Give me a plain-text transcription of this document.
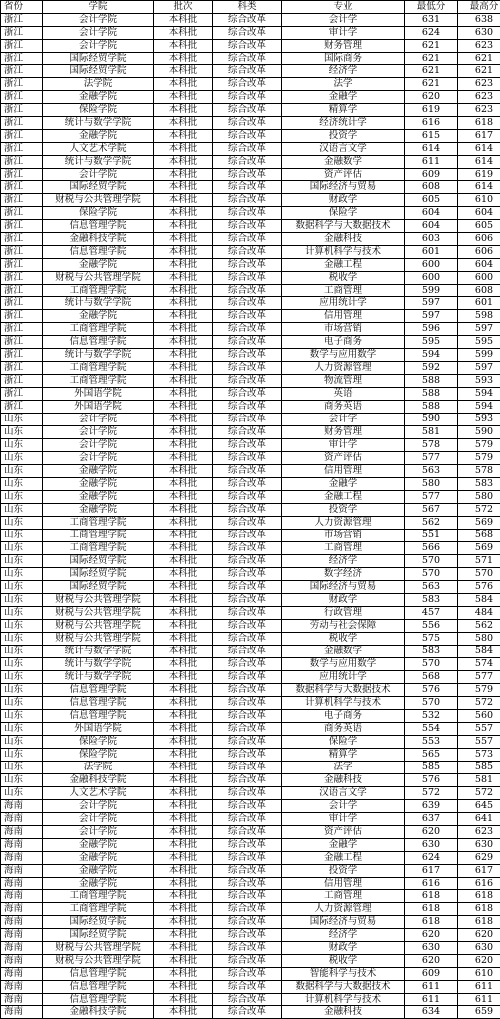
省份	学院	批次	科类	专业	最低分	最高分
浙江	会计学院	本科批	综合改革	会计学	631	638
浙江	会计学院	本科批	综合改革	审计学	624	630
浙江	会计学院	本科批	综合改革	财务管理	621	623
浙江	国际经贸学院	本科批	综合改革	国际商务	621	621
浙江	国际经贸学院	本科批	综合改革	经济学	621	621
浙江	法学院	本科批	综合改革	法学	621	623
浙江	金融学院	本科批	综合改革	金融学	620	623
浙江	保险学院	本科批	综合改革	精算学	619	623
浙江	统计与数学学院	本科批	综合改革	经济统计学	616	618
浙江	金融学院	本科批	综合改革	投资学	615	617
浙江	人文艺术学院	本科批	综合改革	汉语言文学	614	614
浙江	统计与数学学院	本科批	综合改革	金融数学	611	614
浙江	会计学院	本科批	综合改革	资产评估	609	619
浙江	国际经贸学院	本科批	综合改革	国际经济与贸易	608	614
浙江	财税与公共管理学院	本科批	综合改革	财政学	605	610
浙江	保险学院	本科批	综合改革	保险学	604	604
浙江	信息管理学院	本科批	综合改革	数据科学与大数据技术	604	605
浙江	金融科技学院	本科批	综合改革	金融科技	603	606
浙江	信息管理学院	本科批	综合改革	计算机科学与技术	601	606
浙江	金融学院	本科批	综合改革	金融工程	600	604
浙江	财税与公共管理学院	本科批	综合改革	税收学	600	600
浙江	工商管理学院	本科批	综合改革	工商管理	599	608
浙江	统计与数学学院	本科批	综合改革	应用统计学	597	601
浙江	金融学院	本科批	综合改革	信用管理	597	598
浙江	工商管理学院	本科批	综合改革	市场营销	596	597
浙江	信息管理学院	本科批	综合改革	电子商务	595	595
浙江	统计与数学学院	本科批	综合改革	数学与应用数学	594	599
浙江	工商管理学院	本科批	综合改革	人力资源管理	592	597
浙江	工商管理学院	本科批	综合改革	物流管理	588	593
浙江	外国语学院	本科批	综合改革	英语	588	594
浙江	外国语学院	本科批	综合改革	商务英语	588	594
山东	会计学院	本科批	综合改革	会计学	590	593
山东	会计学院	本科批	综合改革	财务管理	581	590
山东	会计学院	本科批	综合改革	审计学	578	579
山东	会计学院	本科批	综合改革	资产评估	577	579
山东	金融学院	本科批	综合改革	信用管理	563	578
山东	金融学院	本科批	综合改革	金融学	580	583
山东	金融学院	本科批	综合改革	金融工程	577	580
山东	金融学院	本科批	综合改革	投资学	567	572
山东	工商管理学院	本科批	综合改革	人力资源管理	562	569
山东	工商管理学院	本科批	综合改革	市场营销	551	568
山东	工商管理学院	本科批	综合改革	工商管理	566	569
山东	国际经贸学院	本科批	综合改革	经济学	570	571
山东	国际经贸学院	本科批	综合改革	数字经济	570	570
山东	国际经贸学院	本科批	综合改革	国际经济与贸易	563	576
山东	财税与公共管理学院	本科批	综合改革	财政学	583	584
山东	财税与公共管理学院	本科批	综合改革	行政管理	457	484
山东	财税与公共管理学院	本科批	综合改革	劳动与社会保障	556	562
山东	财税与公共管理学院	本科批	综合改革	税收学	575	580
山东	统计与数学学院	本科批	综合改革	金融数学	583	584
山东	统计与数学学院	本科批	综合改革	数学与应用数学	570	574
山东	统计与数学学院	本科批	综合改革	应用统计学	568	577
山东	信息管理学院	本科批	综合改革	数据科学与大数据技术	576	579
山东	信息管理学院	本科批	综合改革	计算机科学与技术	570	572
山东	信息管理学院	本科批	综合改革	电子商务	532	560
山东	外国语学院	本科批	综合改革	商务英语	554	557
山东	保险学院	本科批	综合改革	保险学	553	557
山东	保险学院	本科批	综合改革	精算学	565	573
山东	法学院	本科批	综合改革	法学	585	585
山东	金融科技学院	本科批	综合改革	金融科技	576	581
山东	人文艺术学院	本科批	综合改革	汉语言文学	572	572
海南	会计学院	本科批	综合改革	会计学	639	645
海南	会计学院	本科批	综合改革	审计学	637	641
海南	会计学院	本科批	综合改革	资产评估	620	623
海南	金融学院	本科批	综合改革	金融学	630	630
海南	金融学院	本科批	综合改革	金融工程	624	629
海南	金融学院	本科批	综合改革	投资学	617	617
海南	金融学院	本科批	综合改革	信用管理	616	616
海南	工商管理学院	本科批	综合改革	工商管理	618	618
海南	工商管理学院	本科批	综合改革	人力资源管理	618	618
海南	国际经贸学院	本科批	综合改革	国际经济与贸易	618	618
海南	国际经贸学院	本科批	综合改革	经济学	620	620
海南	财税与公共管理学院	本科批	综合改革	财政学	630	630
海南	财税与公共管理学院	本科批	综合改革	税收学	620	620
海南	信息管理学院	本科批	综合改革	智能科学与技术	609	610
海南	信息管理学院	本科批	综合改革	数据科学与大数据技术	611	611
海南	信息管理学院	本科批	综合改革	计算机科学与技术	611	611
海南	金融科技学院	本科批	综合改革	金融科技	634	659
